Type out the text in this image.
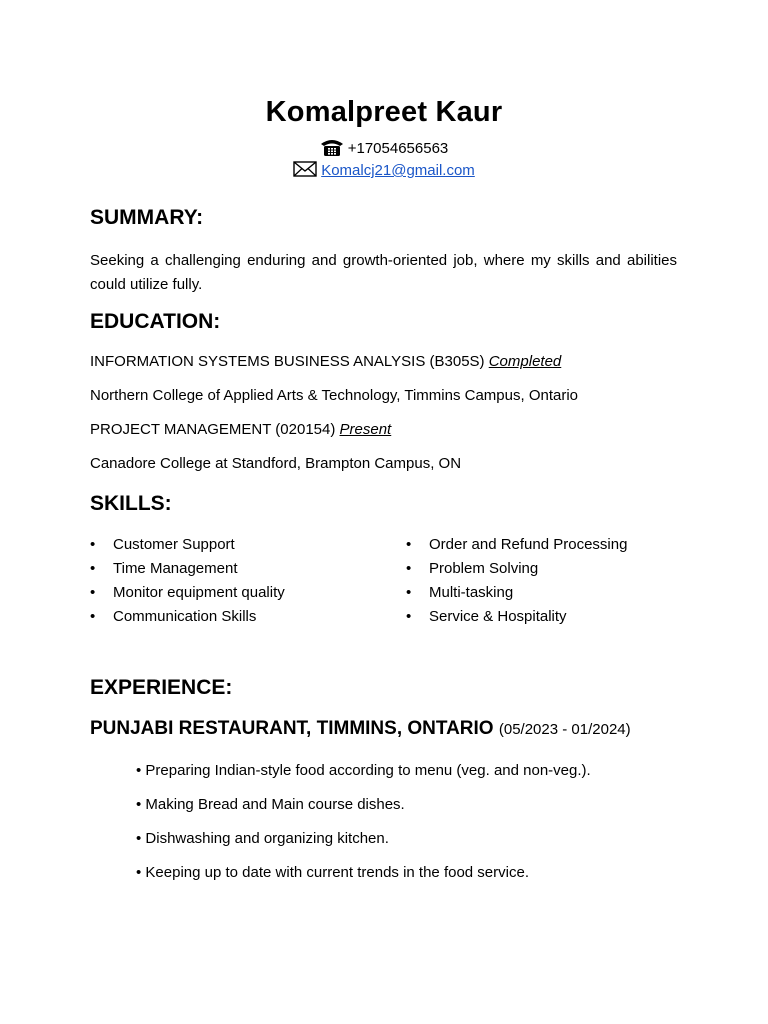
Komalpreet Kaur
+17054656563
Komalcj21@gmail.com
SUMMARY:
Seeking a challenging enduring and growth-oriented job, where my skills and abilities could utilize fully.
EDUCATION:
INFORMATION SYSTEMS BUSINESS ANALYSIS (B305S) Completed
Northern College of Applied Arts & Technology, Timmins Campus, Ontario
PROJECT MANAGEMENT (020154) Present
Canadore College at Standford, Brampton Campus, ON
SKILLS:
• Customer Support
• Time Management
• Monitor equipment quality
• Communication Skills
• Order and Refund Processing
• Problem Solving
• Multi-tasking
• Service & Hospitality
EXPERIENCE:
PUNJABI RESTAURANT, TIMMINS, ONTARIO (05/2023 - 01/2024)
• Preparing Indian-style food according to menu (veg. and non-veg.).
• Making Bread and Main course dishes.
• Dishwashing and organizing kitchen.
• Keeping up to date with current trends in the food service.
